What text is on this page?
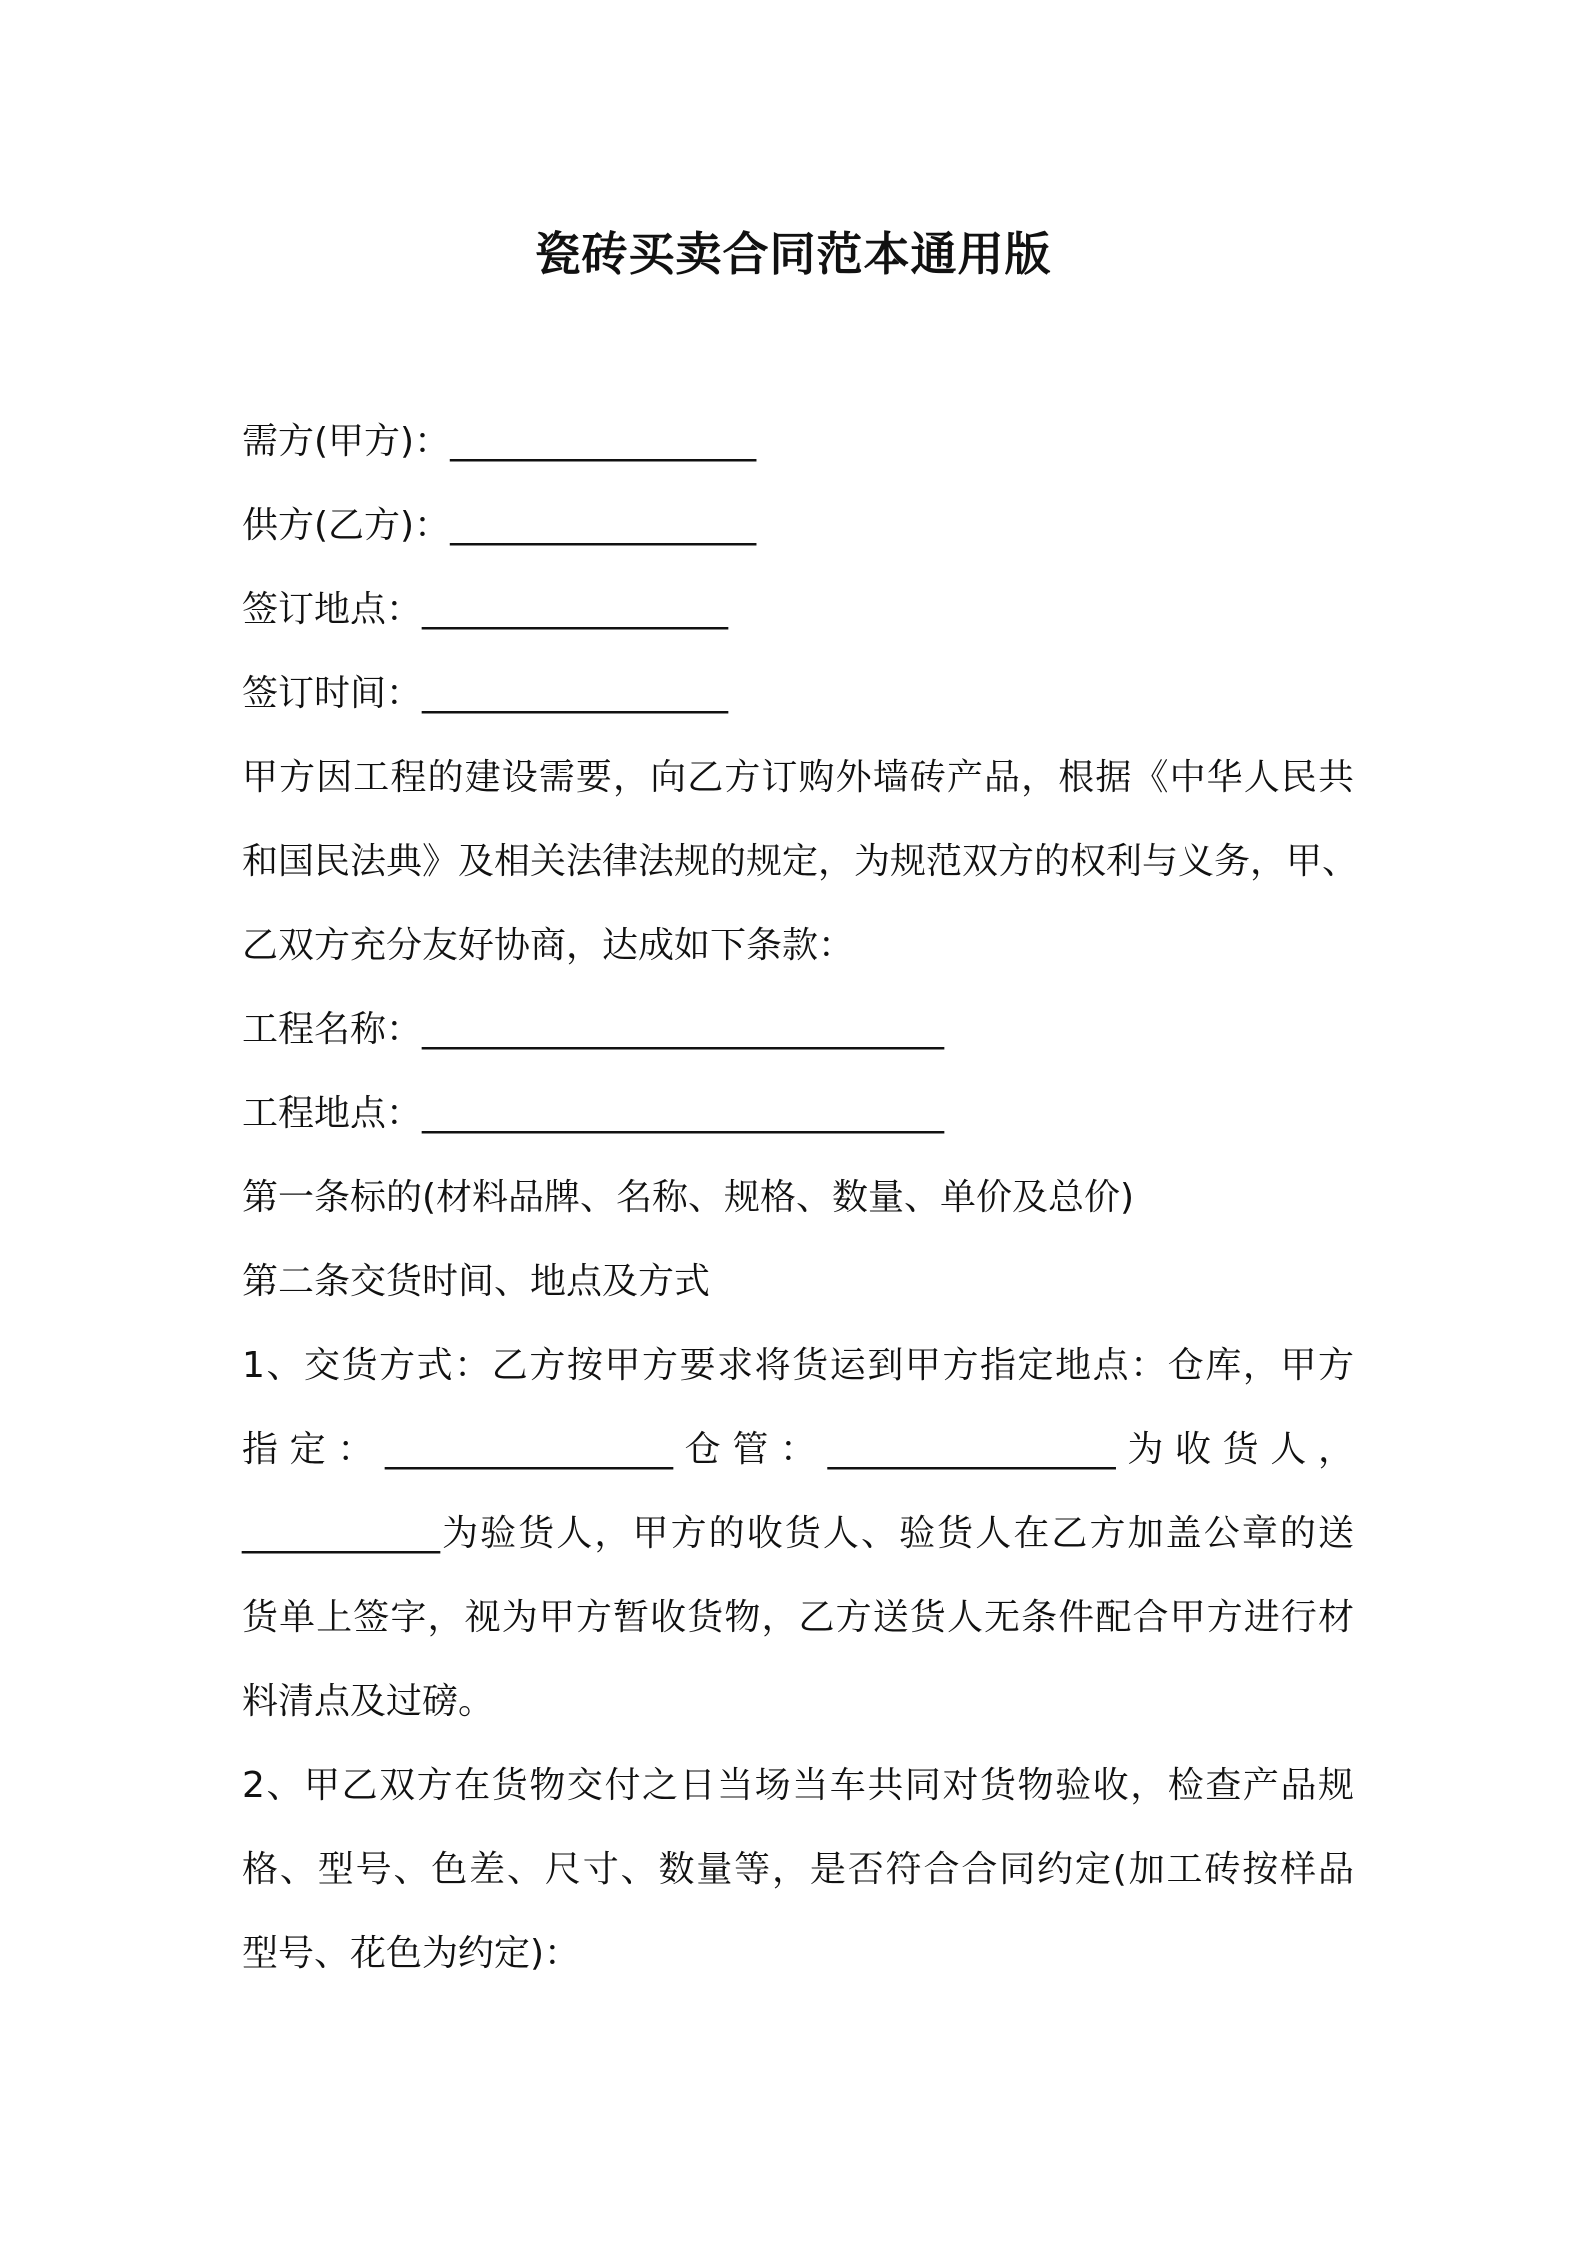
瓷砖买卖合同范本通用版
需方(甲方)：_________________
供方(乙方)：_________________
签订地点：_________________
签订时间：_________________
甲方因工程的建设需要，向乙方订购外墙砖产品，根据《中华人民共
和国民法典》及相关法律法规的规定，为规范双方的权利与义务，甲、
乙双方充分友好协商，达成如下条款：
工程名称：_____________________________
工程地点：_____________________________
第一条标的(材料品牌、名称、规格、数量、单价及总价)
第二条交货时间、地点及方式
1、交货方式：乙方按甲方要求将货运到甲方指定地点：仓库，甲方
指定：________________仓管：________________为收货人，
___________为验货人，甲方的收货人、验货人在乙方加盖公章的送
货单上签字，视为甲方暂收货物，乙方送货人无条件配合甲方进行材
料清点及过磅。
2、甲乙双方在货物交付之日当场当车共同对货物验收，检查产品规
格、型号、色差、尺寸、数量等，是否符合合同约定(加工砖按样品
型号、花色为约定)：
